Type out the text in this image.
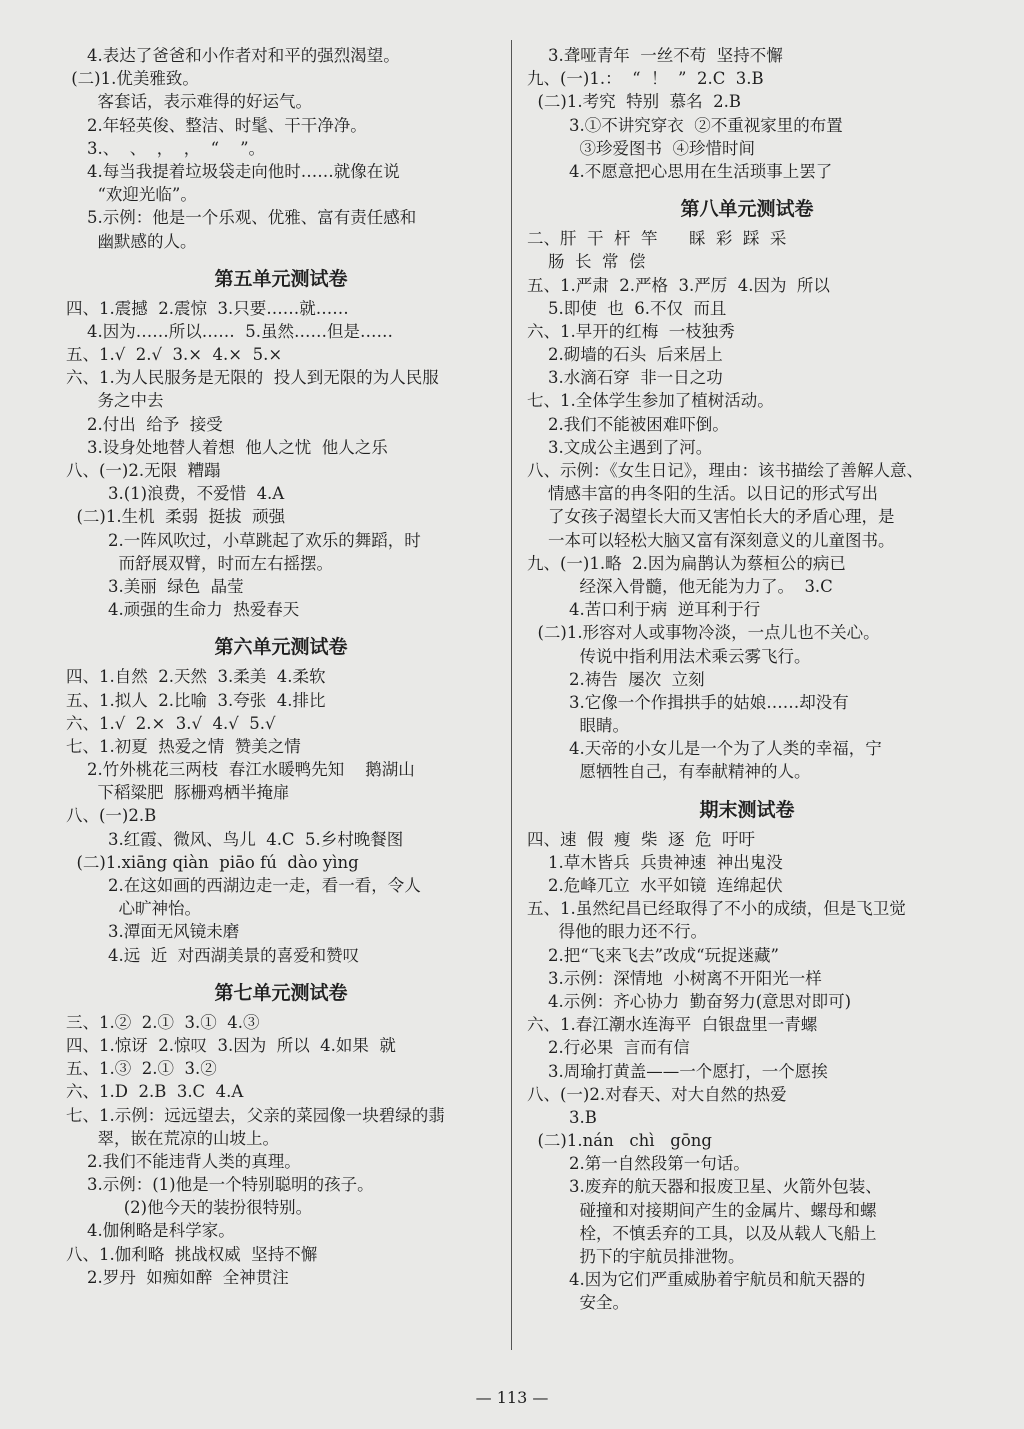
4.表达了爸爸和小作者对和平的强烈渴望。
(二)1.优美雅致。
客套话，表示难得的好运气。
2.年轻英俊、整洁、时髦、干干净净。
3.、  、  ，  ，  “    ”。
4.每当我提着垃圾袋走向他时……就像在说
“欢迎光临”。
5.示例：他是一个乐观、优雅、富有责任感和
幽默感的人。
第五单元测试卷
四、1.震撼  2.震惊  3.只要……就……
4.因为……所以……  5.虽然……但是……
五、1.√  2.√  3.×  4.×  5.×
六、1.为人民服务是无限的  投人到无限的为人民服
务之中去
2.付出  给予  接受
3.设身处地替人着想  他人之忧  他人之乐
八、(一)2.无限  糟蹋
3.(1)浪费，不爱惜  4.A
(二)1.生机  柔弱  挺拔  顽强
2.一阵风吹过，小草跳起了欢乐的舞蹈，时
而舒展双臂，时而左右摇摆。
3.美丽  绿色  晶莹
4.顽强的生命力  热爱春天
第六单元测试卷
四、1.自然  2.天然  3.柔美  4.柔软
五、1.拟人  2.比喻  3.夸张  4.排比
六、1.√  2.×  3.√  4.√  5.√
七、1.初夏  热爱之情  赞美之情
2.竹外桃花三两枝  春江水暖鸭先知    鹅湖山
下稻粱肥  豚栅鸡栖半掩扉
八、(一)2.B
3.红霞、微风、鸟儿  4.C  5.乡村晚餐图
(二)1.xiāng qiàn  piāo fú  dào yìng
2.在这如画的西湖边走一走，看一看，令人
心旷神怡。
3.潭面无风镜未磨
4.远  近  对西湖美景的喜爱和赞叹
第七单元测试卷
三、1.②  2.①  3.①  4.③
四、1.惊讶  2.惊叹  3.因为  所以  4.如果  就
五、1.③  2.①  3.②
六、1.D  2.B  3.C  4.A
七、1.示例：远远望去，父亲的菜园像一块碧绿的翡
翠，嵌在荒凉的山坡上。
2.我们不能违背人类的真理。
3.示例：(1)他是一个特别聪明的孩子。
(2)他今天的装扮很特别。
4.伽俐略是科学家。
八、1.伽利略  挑战权威  坚持不懈
2.罗丹  如痴如醉  全神贯注
3.聋哑青年  一丝不苟  坚持不懈
九、(一)1.：  “  ！  ”  2.C  3.B
(二)1.考究  特别  慕名  2.B
3.①不讲究穿衣  ②不重视家里的布置
③珍爱图书  ④珍惜时间
4.不愿意把心思用在生活琐事上罢了
第八单元测试卷
二、肝  干  杆  竿      睬  彩  踩  采
肠  长  常  偿
五、1.严肃  2.严格  3.严厉  4.因为  所以
5.即使  也  6.不仅  而且
六、1.早开的红梅  一枝独秀
2.砌墙的石头  后来居上
3.水滴石穿  非一日之功
七、1.全体学生参加了植树活动。
2.我们不能被困难吓倒。
3.文成公主遇到了河。
八、示例：《女生日记》，理由：该书描绘了善解人意、
情感丰富的冉冬阳的生活。以日记的形式写出
了女孩子渴望长大而又害怕长大的矛盾心理，是
一本可以轻松大脑又富有深刻意义的儿童图书。
九、(一)1.略  2.因为扁鹊认为蔡桓公的病已
经深入骨髓，他无能为力了。  3.C
4.苦口利于病  逆耳利于行
(二)1.形容对人或事物冷淡，一点儿也不关心。
传说中指利用法术乘云雾飞行。
2.祷告  屡次  立刻
3.它像一个作揖拱手的姑娘……却没有
眼睛。
4.天帝的小女儿是一个为了人类的幸福，宁
愿牺牲自己，有奉献精神的人。
期末测试卷
四、速  假  瘦  柴  逐  危  吁吁
1.草木皆兵  兵贵神速  神出鬼没
2.危峰兀立  水平如镜  连绵起伏
五、1.虽然纪昌已经取得了不小的成绩，但是飞卫觉
得他的眼力还不行。
2.把“飞来飞去”改成“玩捉迷藏”
3.示例：深情地  小树离不开阳光一样
4.示例：齐心协力  勤奋努力(意思对即可)
六、1.春江潮水连海平  白银盘里一青螺
2.行必果  言而有信
3.周瑜打黄盖——一个愿打，一个愿挨
八、(一)2.对春天、对大自然的热爱
3.B
(二)1.nán   chì   gōng
2.第一自然段第一句话。
3.废弃的航天器和报废卫星、火箭外包装、
碰撞和对接期间产生的金属片、螺母和螺
栓，不慎丢弃的工具，以及从载人飞船上
扔下的宇航员排泄物。
4.因为它们严重威胁着宇航员和航天器的
安全。
— 113 —
